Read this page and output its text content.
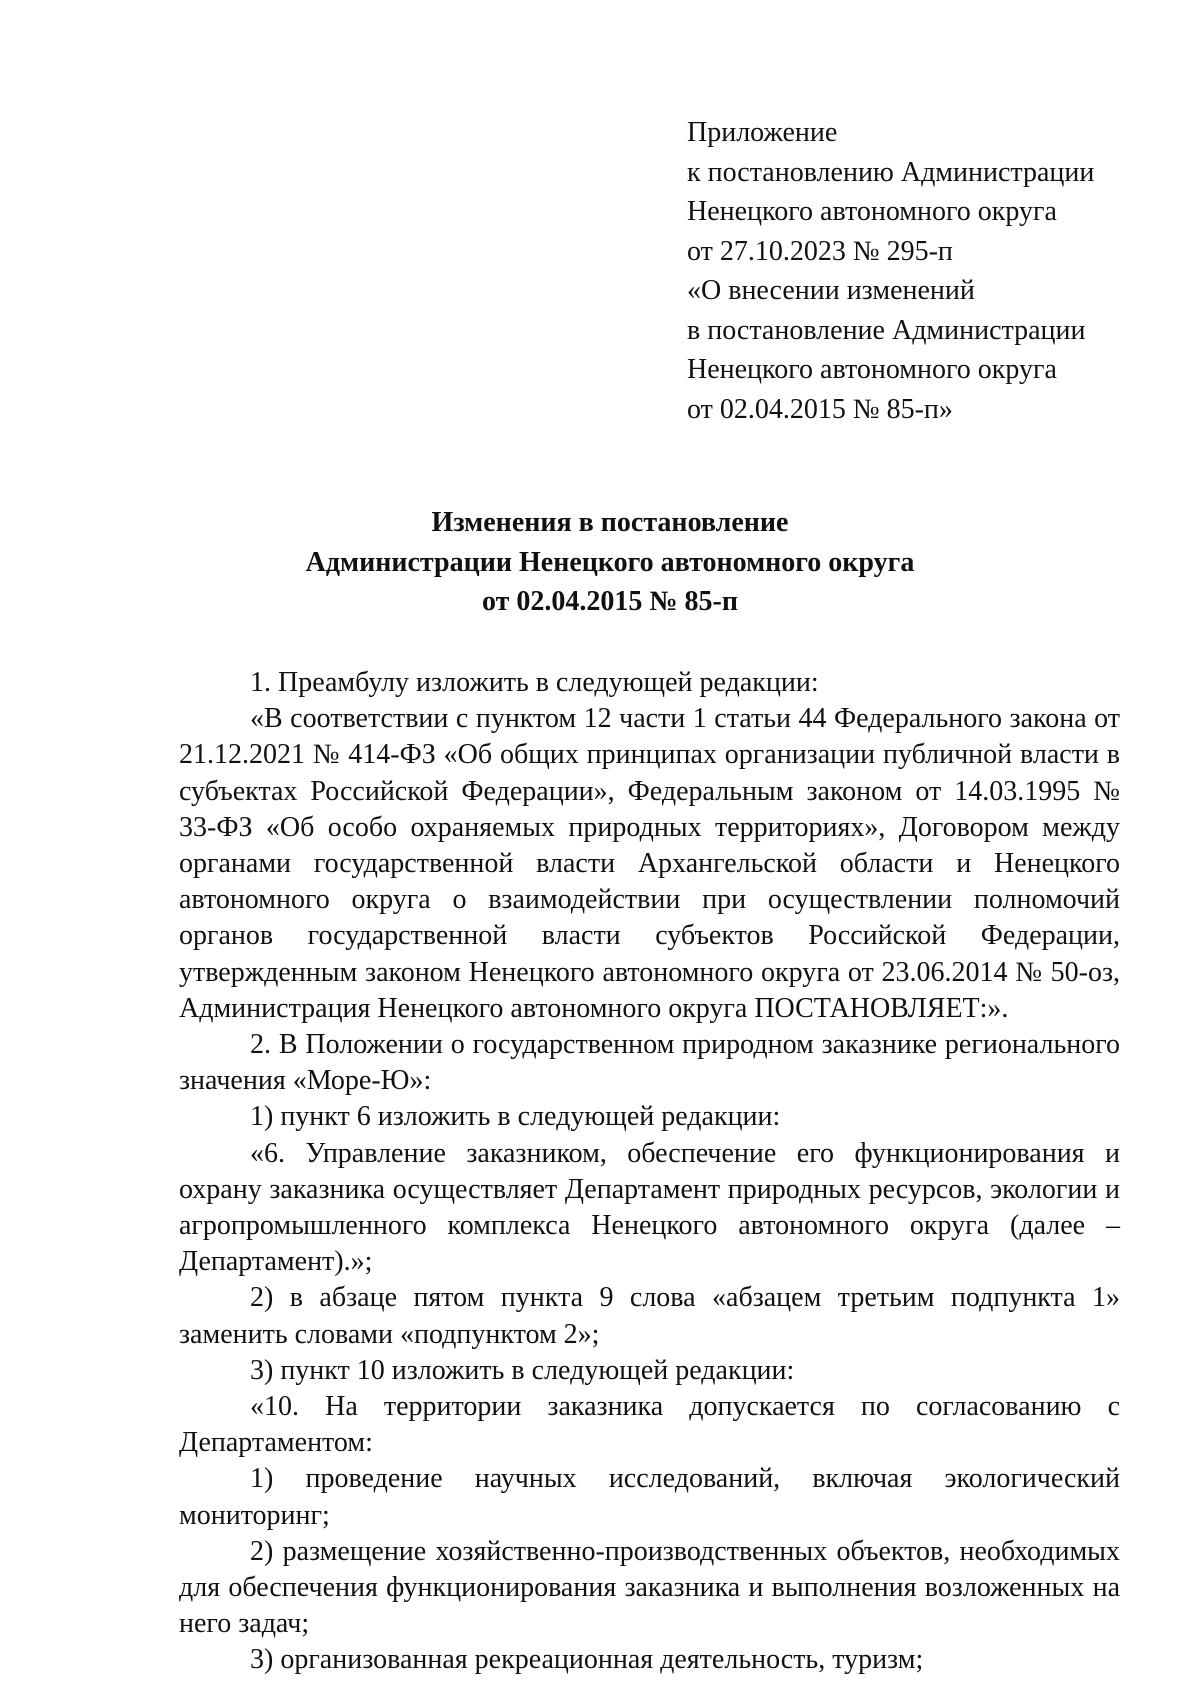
Приложение
к постановлению Администрации
Ненецкого автономного округа
от 27.10.2023 № 295-п
«О внесении изменений
в постановление Администрации
Ненецкого автономного округа
от 02.04.2015 № 85-п»
Изменения в постановление
Администрации Ненецкого автономного округа
от 02.04.2015 № 85-п

1. Преамбулу изложить в следующей редакции:

«В соответствии с пунктом 12 части 1 статьи 44 Федерального закона от 21.12.2021 № 414-ФЗ «Об общих принципах организации публичной власти в субъектах Российской Федерации», Федеральным законом от 14.03.1995 № 33-ФЗ «Об особо охраняемых природных территориях», Договором между органами государственной власти Архангельской области и Ненецкого автономного округа о взаимодействии при осуществлении полномочий органов государственной власти субъектов Российской Федерации, утвержденным законом Ненецкого автономного округа от 23.06.2014 № 50-оз, Администрация Ненецкого автономного округа ПОСТАНОВЛЯЕТ:».

2. В Положении о государственном природном заказнике регионального значения «Море-Ю»:

1) пункт 6 изложить в следующей редакции:

«6. Управление заказником, обеспечение его функционирования и охрану заказника осуществляет Департамент природных ресурсов, экологии и агропромышленного комплекса Ненецкого автономного округа (далее – Департамент).»;

2) в абзаце пятом пункта 9 слова «абзацем третьим подпункта 1» заменить словами «подпунктом 2»;

3) пункт 10 изложить в следующей редакции:

«10. На территории заказника допускается по согласованию с Департаментом:

1) проведение научных исследований, включая экологический мониторинг;

2) размещение хозяйственно-производственных объектов, необходимых для обеспечения функционирования заказника и выполнения возложенных на него задач;

3) организованная рекреационная деятельность, туризм;
